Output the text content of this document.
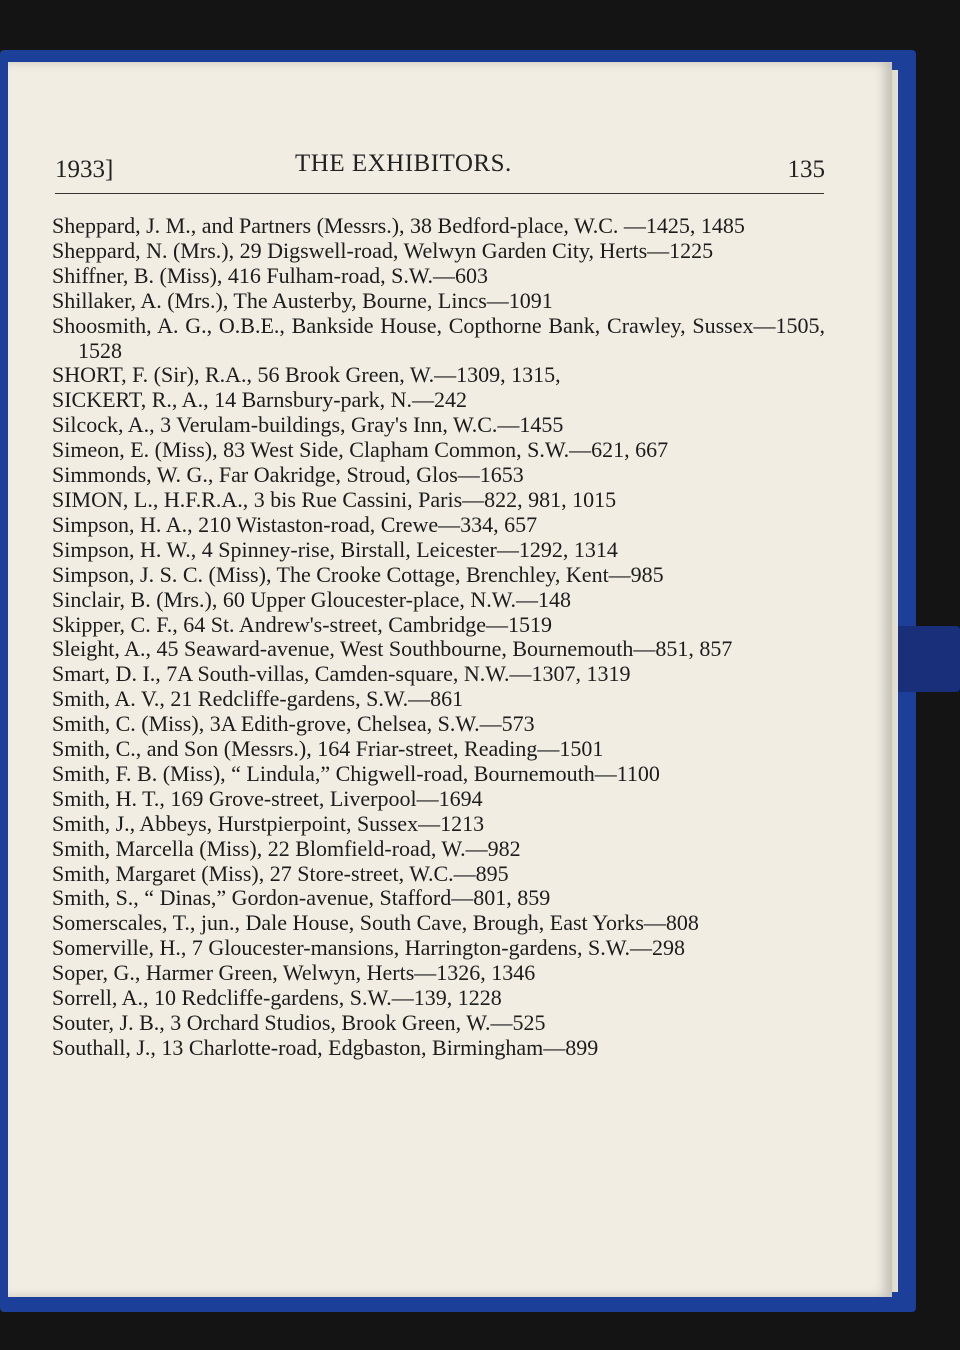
1933]	THE EXHIBITORS.	135

Sheppard, J. M., and Partners (Messrs.), 38 Bedford-place, W.C. —1425, 1485

Sheppard, N. (Mrs.), 29 Digswell-road, Welwyn Garden City, Herts—1225

Shiffner, B. (Miss), 416 Fulham-road, S.W.—603

Shillaker, A. (Mrs.), The Austerby, Bourne, Lincs—1091

Shoosmith, A. G., O.B.E., Bankside House, Copthorne Bank, Crawley, Sussex—1505, 1528

SHORT, F. (Sir), R.A., 56 Brook Green, W.—1309, 1315,

SICKERT, R., A., 14 Barnsbury-park, N.—242

Silcock, A., 3 Verulam-buildings, Gray's Inn, W.C.—1455

Simeon, E. (Miss), 83 West Side, Clapham Common, S.W.—621, 667

Simmonds, W. G., Far Oakridge, Stroud, Glos—1653

SIMON, L., H.F.R.A., 3 bis Rue Cassini, Paris—822, 981, 1015

Simpson, H. A., 210 Wistaston-road, Crewe—334, 657

Simpson, H. W., 4 Spinney-rise, Birstall, Leicester—1292, 1314

Simpson, J. S. C. (Miss), The Crooke Cottage, Brenchley, Kent—985

Sinclair, B. (Mrs.), 60 Upper Gloucester-place, N.W.—148

Skipper, C. F., 64 St. Andrew's-street, Cambridge—1519

Sleight, A., 45 Seaward-avenue, West Southbourne, Bournemouth—851, 857

Smart, D. I., 7A South-villas, Camden-square, N.W.—1307, 1319

Smith, A. V., 21 Redcliffe-gardens, S.W.—861

Smith, C. (Miss), 3A Edith-grove, Chelsea, S.W.—573

Smith, C., and Son (Messrs.), 164 Friar-street, Reading—1501

Smith, F. B. (Miss), “ Lindula,” Chigwell-road, Bournemouth—1100

Smith, H. T., 169 Grove-street, Liverpool—1694

Smith, J., Abbeys, Hurstpierpoint, Sussex—1213

Smith, Marcella (Miss), 22 Blomfield-road, W.—982

Smith, Margaret (Miss), 27 Store-street, W.C.—895

Smith, S., “ Dinas,” Gordon-avenue, Stafford—801, 859

Somerscales, T., jun., Dale House, South Cave, Brough, East Yorks—808

Somerville, H., 7 Gloucester-mansions, Harrington-gardens, S.W.—298

Soper, G., Harmer Green, Welwyn, Herts—1326, 1346

Sorrell, A., 10 Redcliffe-gardens, S.W.—139, 1228

Souter, J. B., 3 Orchard Studios, Brook Green, W.—525

Southall, J., 13 Charlotte-road, Edgbaston, Birmingham—899
